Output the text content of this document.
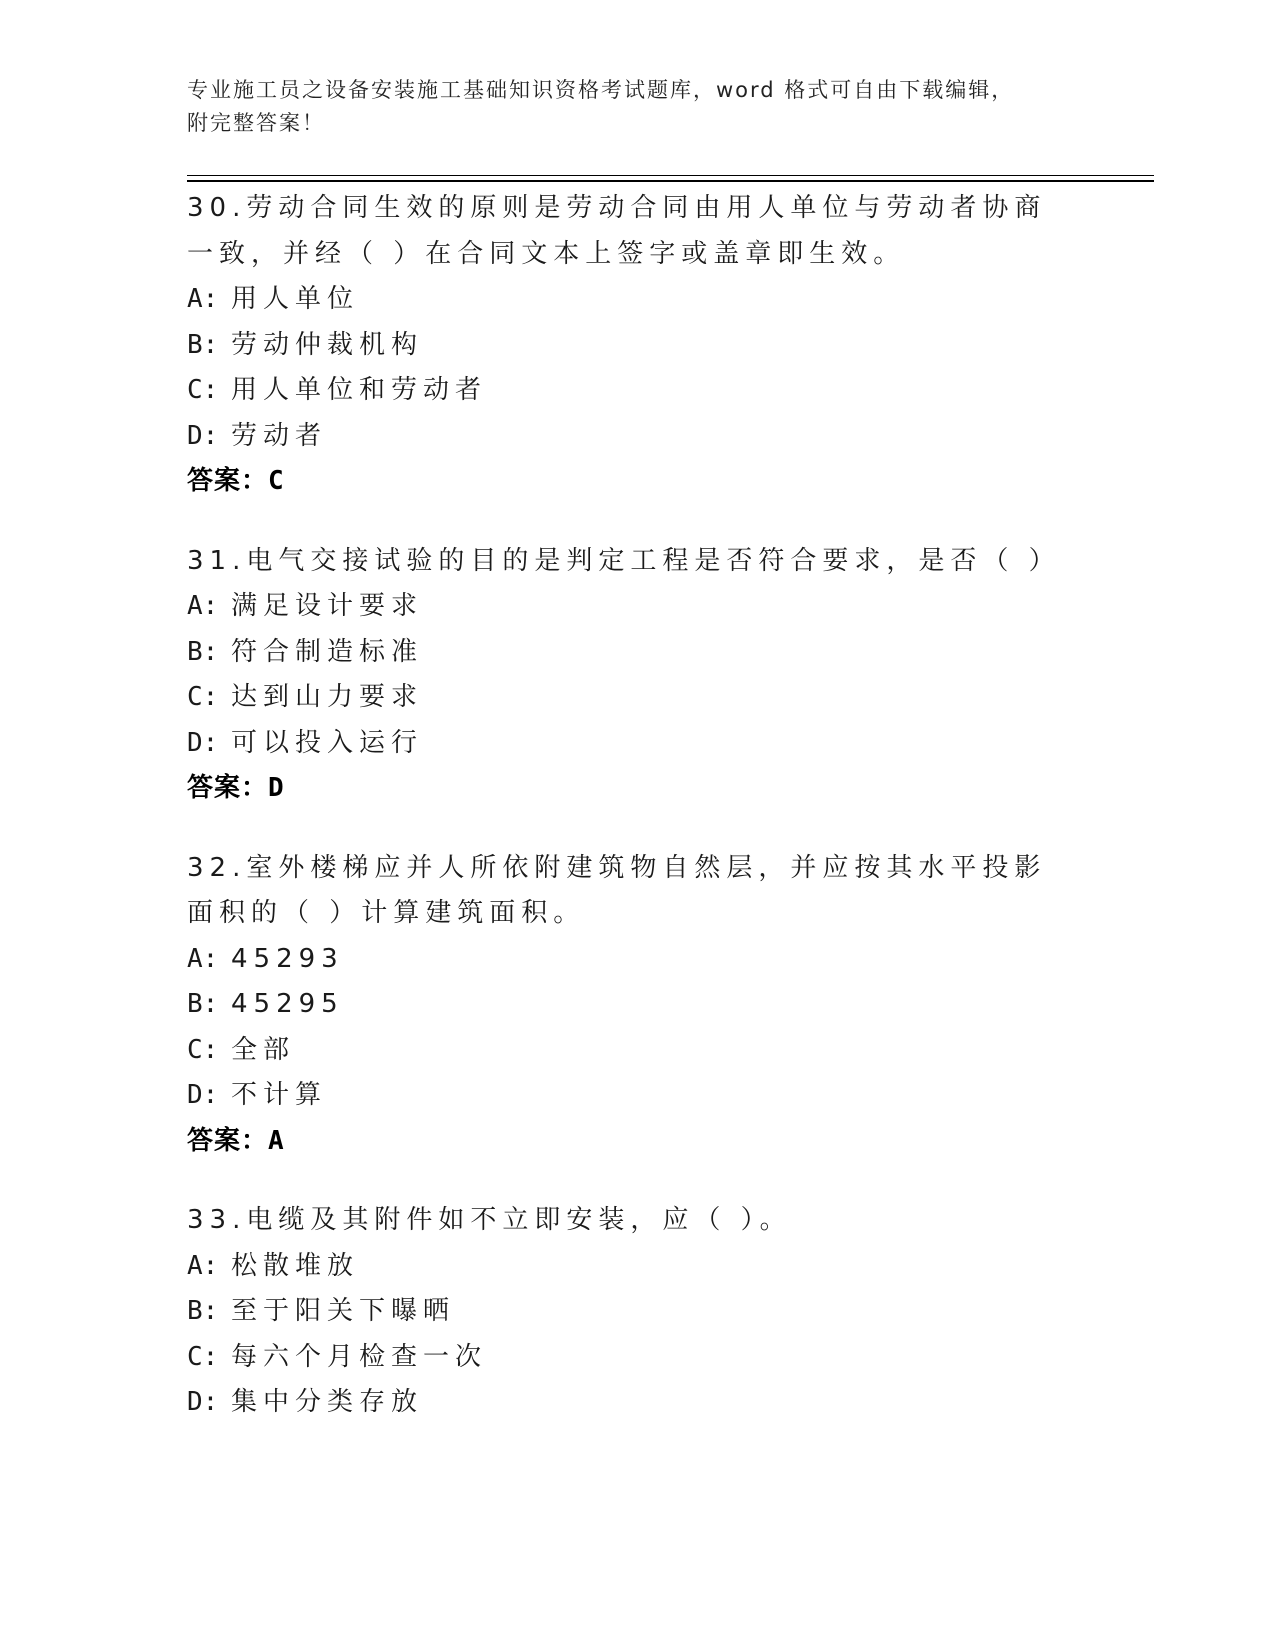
专业施工员之设备安装施工基础知识资格考试题库，word 格式可自由下载编辑，
附完整答案！
30.劳动合同生效的原则是劳动合同由用人单位与劳动者协商一致，并经（ ）在合同文本上签字或盖章即生效。
A: 用人单位
B: 劳动仲裁机构
C: 用人单位和劳动者
D: 劳动者
答案：C
31.电气交接试验的目的是判定工程是否符合要求，是否（ ）
A: 满足设计要求
B: 符合制造标准
C: 达到山力要求
D: 可以投入运行
答案：D
32.室外楼梯应并人所依附建筑物自然层，并应按其水平投影面积的（ ）计算建筑面积。
A: 45293
B: 45295
C: 全部
D: 不计算
答案：A
33.电缆及其附件如不立即安装，应（ ）。
A: 松散堆放
B: 至于阳关下曝晒
C: 每六个月检查一次
D: 集中分类存放
